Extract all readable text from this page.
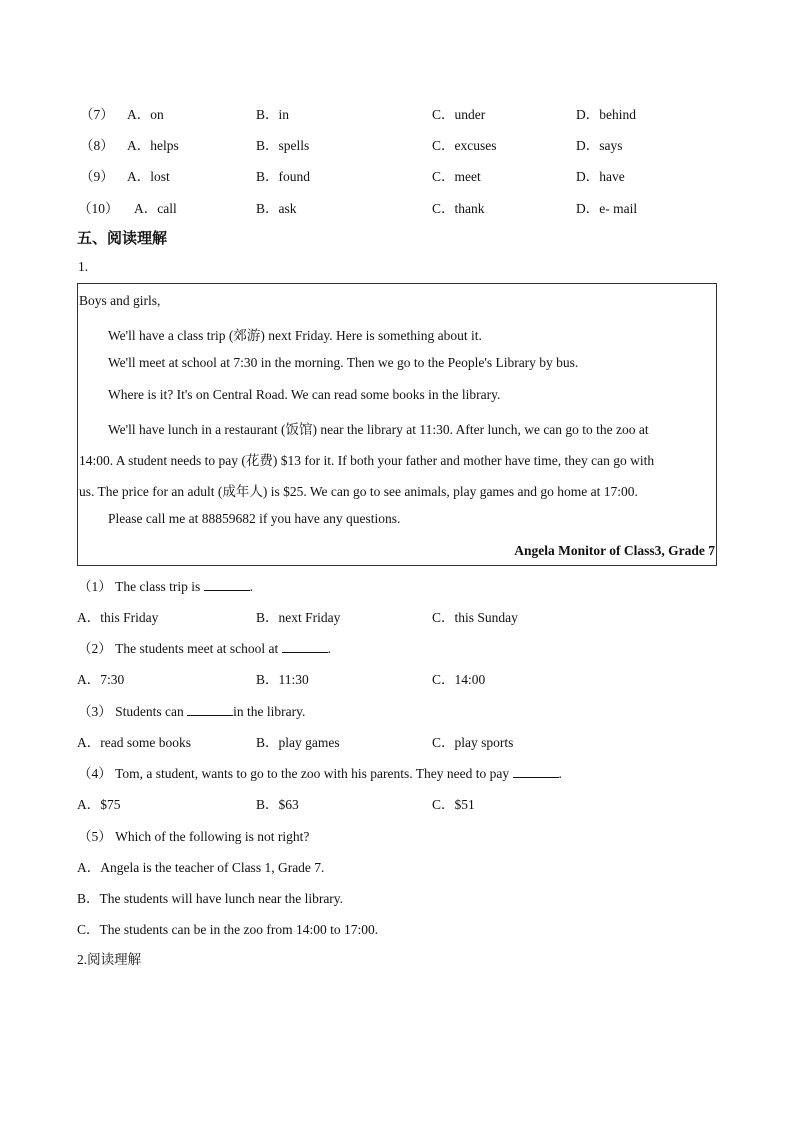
（7） A．on	B．in	C．under	D．behind
（8） A．helps	B．spells	C．excuses	D．says
（9） A．lost	B．found	C．meet	D．have
（10） A．call	B．ask	C．thank	D．e- mail
五、阅读理解
1.
Boys and girls,
We'll have a class trip (郊游) next Friday. Here is something about it.
We'll meet at school at 7:30 in the morning. Then we go to the People's Library by bus.
Where is it? It's on Central Road. We can read some books in the library.
We'll have lunch in a restaurant (饭馆) near the library at 11:30. After lunch, we can go to the zoo at
14:00. A student needs to pay (花费) $13 for it. If both your father and mother have time, they can go with
us. The price for an adult (成年人) is $25. We can go to see animals, play games and go home at 17:00.
Please call me at 88859682 if you have any questions.
Angela Monitor of Class3, Grade 7
（1） The class trip is	.
A．this Friday	B．next Friday	C．this Sunday
（2） The students meet at school at	.
A．7:30	B．11:30	C．14:00
（3） Students can	in the library.
A．read some books	B．play games	C．play sports
（4） Tom, a student, wants to go to the zoo with his parents. They need to pay	.
A．$75	B．$63	C．$51
（5） Which of the following is not right?
A．Angela is the teacher of Class 1, Grade 7.
B．The students will have lunch near the library.
C．The students can be in the zoo from 14:00 to 17:00.
2.阅读理解
